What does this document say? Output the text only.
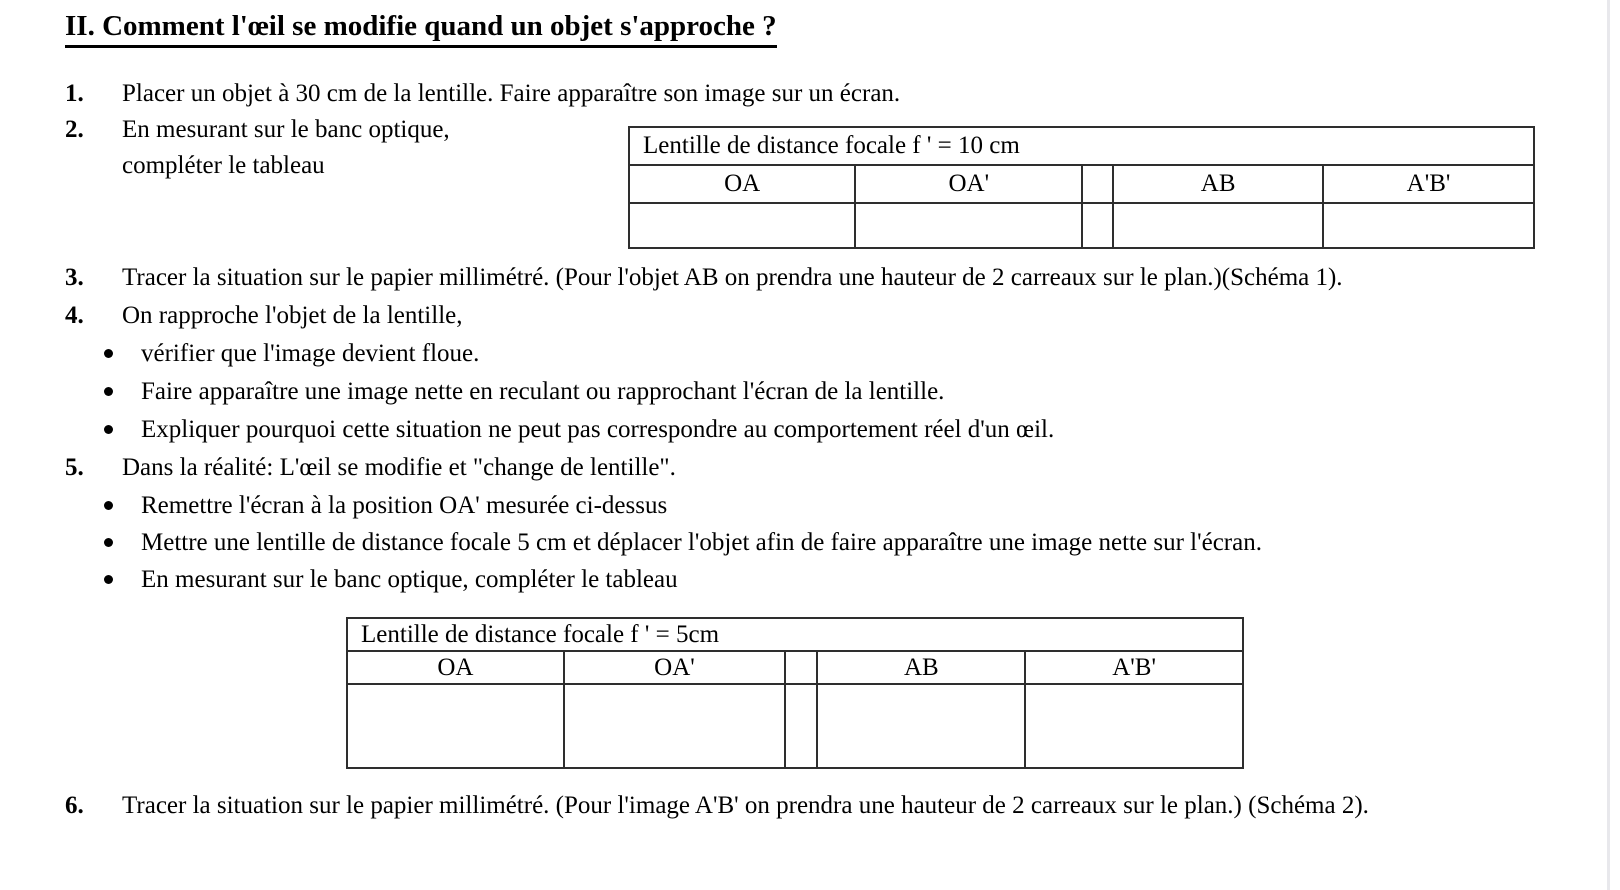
II. Comment l'œil se modifie quand un objet s'approche ?
1. Placer un objet à 30 cm de la lentille. Faire apparaître son image sur un écran.
2. En mesurant sur le banc optique,
compléter le tableau
Lentille de distance focale f ' = 10 cm				
OA	OA'		AB	A'B'

3. Tracer la situation sur le papier millimétré. (Pour l'objet AB on prendra une hauteur de 2 carreaux sur le plan.)(Schéma 1).
4. On rapproche l'objet de la lentille,
vérifier que l'image devient floue.
Faire apparaître une image nette en reculant ou rapprochant l'écran de la lentille.
Expliquer pourquoi cette situation ne peut pas correspondre au comportement réel d'un œil.
5. Dans la réalité: L'œil se modifie et "change de lentille".
Remettre l'écran à la position OA' mesurée ci-dessus
Mettre une lentille de distance focale 5 cm et déplacer l'objet afin de faire apparaître une image nette sur l'écran.
En mesurant sur le banc optique, compléter le tableau
Lentille de distance focale f ' = 5cm				
OA	OA'		AB	A'B'

6. Tracer la situation sur le papier millimétré. (Pour l'image A'B' on prendra une hauteur de 2 carreaux sur le plan.) (Schéma 2).
